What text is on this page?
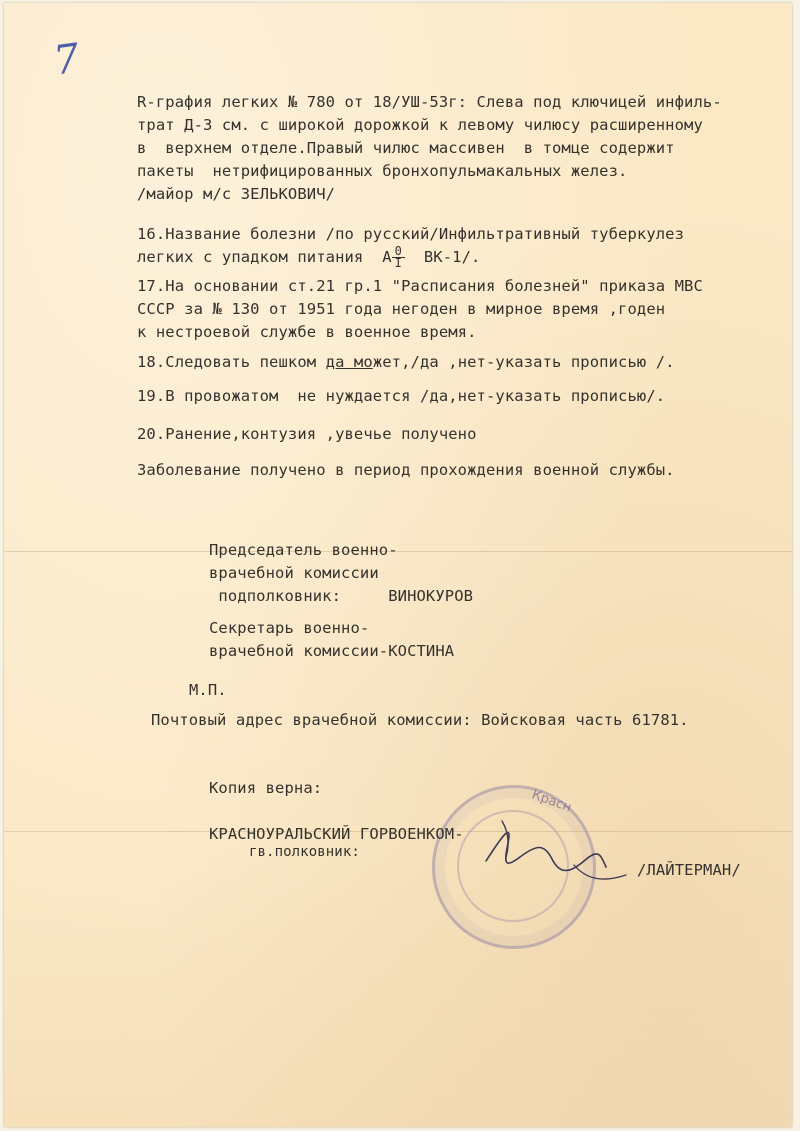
7
R-графия легких № 780 от 18/УШ-53г: Слева под ключицей инфиль-
трат Д-3 см. с широкой дорожкой к левому чилюсу расширенному
в  верхнем отделе.Правый чилюс массивен  в томце содержит
пакеты  нетрифицированных бронхопульмакальных желез.
/майор м/с ЗЕЛЬКОВИЧ/
16.Название болезни /по русский/Инфильтративный туберкулез
легких с упадком питания  А $\frac{0}{I} ВК-1/$.
17.На основании ст.21 гр.1 "Расписания болезней" приказа МВС
СССР за № 130 от 1951 года негоден в мирное время ,годен
к нестроевой службе в военное время.
18.Следовать пешком да может,/да ,нет-указать прописью /.
19.В провожатом  не нуждается /да,нет-указать прописью/.
20.Ранение,контузия ,увечье получено
Заболевание получено в период прохождения военной службы.
Председатель военно-
врачебной комиссии
подполковник:     ВИНОКУРОВ
Секретарь военно-
врачебной комиссии-КОСТИНА
М.П.
Почтовый адрес врачебной комиссии: Войсковая часть 61781.
Копия верна:	Красн
КРАСНОУРАЛЬСКИЙ ГОРВОЕНКОМ-
гв.полковник:
/ЛАЙТЕРМАН/
